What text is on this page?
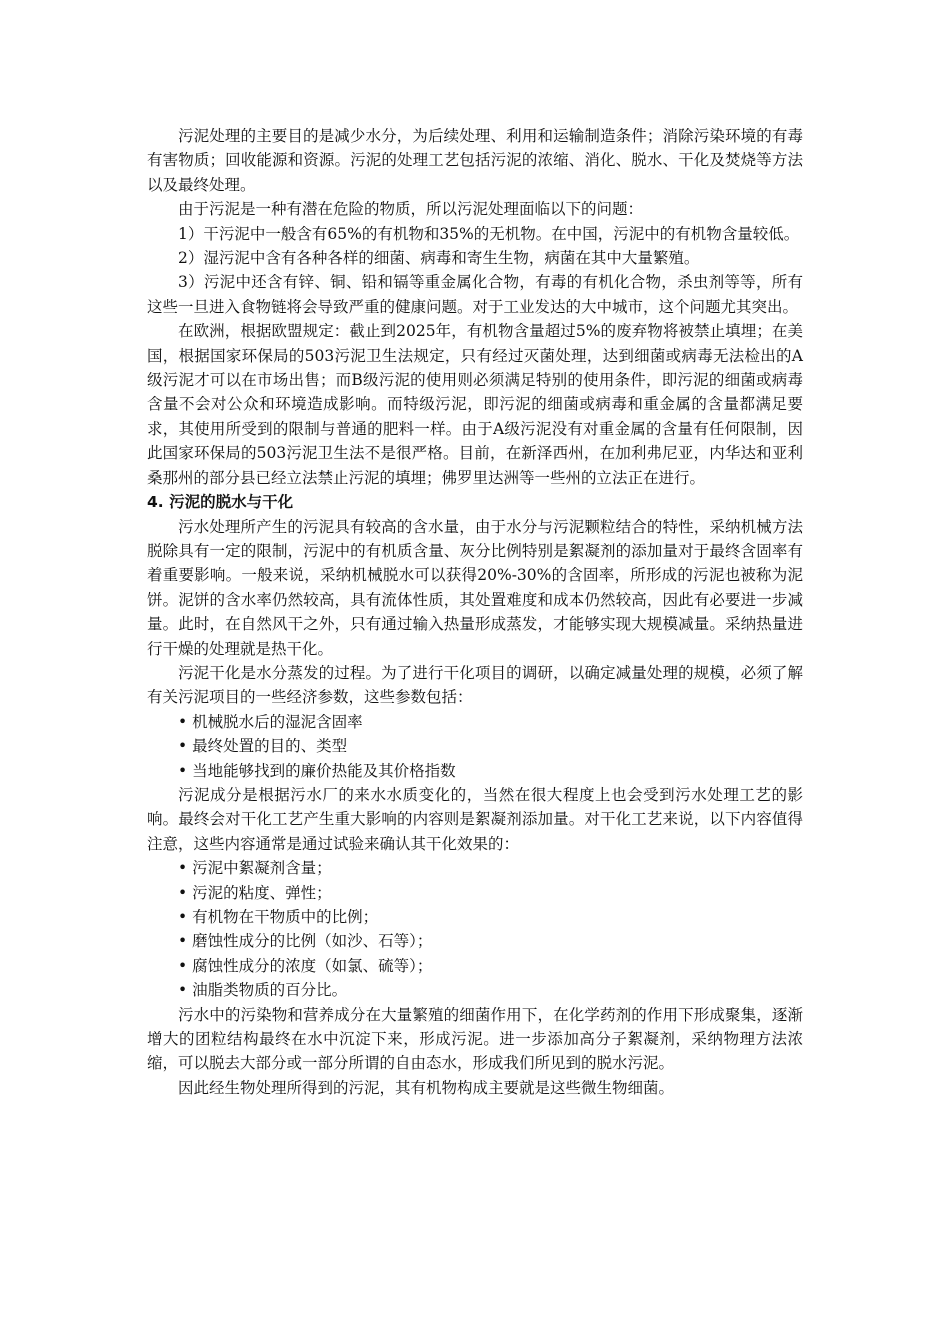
污泥处理的主要目的是减少水分，为后续处理、利用和运输制造条件；消除污染环境的有毒有害物质；回收能源和资源。污泥的处理工艺包括污泥的浓缩、消化、脱水、干化及焚烧等方法以及最终处理。

由于污泥是一种有潜在危险的物质，所以污泥处理面临以下的问题：

1）干污泥中一般含有65%的有机物和35%的无机物。在中国，污泥中的有机物含量较低。

2）湿污泥中含有各种各样的细菌、病毒和寄生生物，病菌在其中大量繁殖。

3）污泥中还含有锌、铜、铅和镉等重金属化合物，有毒的有机化合物，杀虫剂等等，所有这些一旦进入食物链将会导致严重的健康问题。对于工业发达的大中城市，这个问题尤其突出。

在欧洲，根据欧盟规定：截止到2025年，有机物含量超过5%的废弃物将被禁止填埋；在美国，根据国家环保局的503污泥卫生法规定，只有经过灭菌处理，达到细菌或病毒无法检出的A级污泥才可以在市场出售；而B级污泥的使用则必须满足特别的使用条件，即污泥的细菌或病毒含量不会对公众和环境造成影响。而特级污泥，即污泥的细菌或病毒和重金属的含量都满足要求，其使用所受到的限制与普通的肥料一样。由于A级污泥没有对重金属的含量有任何限制，因此国家环保局的503污泥卫生法不是很严格。目前，在新泽西州，在加利弗尼亚，内华达和亚利桑那州的部分县已经立法禁止污泥的填埋；佛罗里达洲等一些州的立法正在进行。

4. 污泥的脱水与干化

污水处理所产生的污泥具有较高的含水量，由于水分与污泥颗粒结合的特性，采纳机械方法脱除具有一定的限制，污泥中的有机质含量、灰分比例特别是絮凝剂的添加量对于最终含固率有着重要影响。一般来说，采纳机械脱水可以获得20%-30%的含固率，所形成的污泥也被称为泥饼。泥饼的含水率仍然较高，具有流体性质，其处置难度和成本仍然较高，因此有必要进一步减量。此时，在自然风干之外，只有通过输入热量形成蒸发，才能够实现大规模减量。采纳热量进行干燥的处理就是热干化。

污泥干化是水分蒸发的过程。为了进行干化项目的调研，以确定减量处理的规模，必须了解有关污泥项目的一些经济参数，这些参数包括：

• 机械脱水后的湿泥含固率

• 最终处置的目的、类型

• 当地能够找到的廉价热能及其价格指数

污泥成分是根据污水厂的来水水质变化的，当然在很大程度上也会受到污水处理工艺的影响。最终会对干化工艺产生重大影响的内容则是絮凝剂添加量。对干化工艺来说，以下内容值得注意，这些内容通常是通过试验来确认其干化效果的：

• 污泥中絮凝剂含量；

• 污泥的粘度、弹性；

• 有机物在干物质中的比例；

• 磨蚀性成分的比例（如沙、石等）；

• 腐蚀性成分的浓度（如氯、硫等）；

• 油脂类物质的百分比。

污水中的污染物和营养成分在大量繁殖的细菌作用下，在化学药剂的作用下形成聚集，逐渐增大的团粒结构最终在水中沉淀下来，形成污泥。进一步添加高分子絮凝剂，采纳物理方法浓缩，可以脱去大部分或一部分所谓的自由态水，形成我们所见到的脱水污泥。

因此经生物处理所得到的污泥，其有机物构成主要就是这些微生物细菌。
